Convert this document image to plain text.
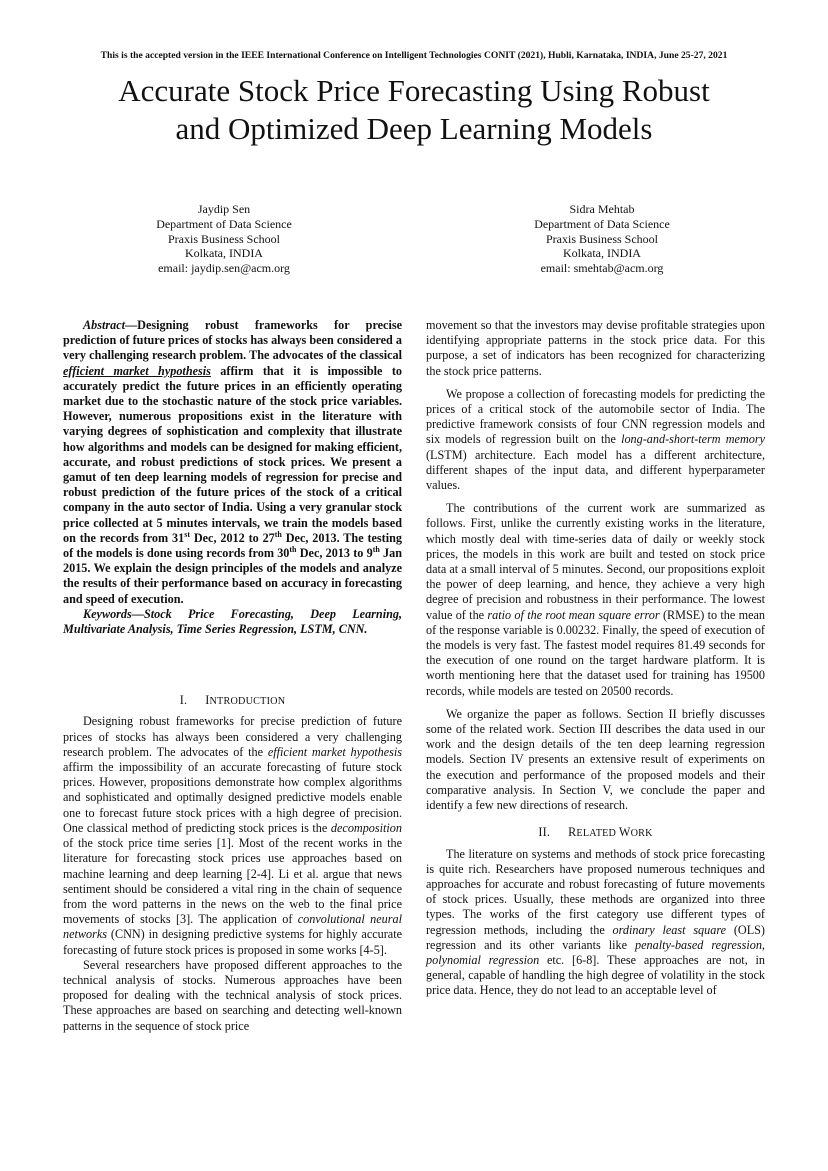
This is the accepted version in the IEEE International Conference on Intelligent Technologies CONIT (2021), Hubli, Karnataka, INDIA, June 25-27, 2021
Accurate Stock Price Forecasting Using Robust
and Optimized Deep Learning Models
Jaydip Sen
Department of Data Science
Praxis Business School
Kolkata, INDIA
email: jaydip.sen@acm.org
Sidra Mehtab
Department of Data Science
Praxis Business School
Kolkata, INDIA
email: smehtab@acm.org

Abstract—Designing robust frameworks for precise prediction of future prices of stocks has always been considered a very challenging research problem. The advocates of the classical efficient market hypothesis affirm that it is impossible to accurately predict the future prices in an efficiently operating market due to the stochastic nature of the stock price variables. However, numerous propositions exist in the literature with varying degrees of sophistication and complexity that illustrate how algorithms and models can be designed for making efficient, accurate, and robust predictions of stock prices. We present a gamut of ten deep learning models of regression for precise and robust prediction of the future prices of the stock of a critical company in the auto sector of India. Using a very granular stock price collected at 5 minutes intervals, we train the models based on the records from 31st Dec, 2012 to 27th Dec, 2013. The testing of the models is done using records from 30th Dec, 2013 to 9th Jan 2015. We explain the design principles of the models and analyze the results of their performance based on accuracy in forecasting and speed of execution.

Keywords—Stock Price Forecasting, Deep Learning, Multivariate Analysis, Time Series Regression, LSTM, CNN.

I. INTRODUCTION

Designing robust frameworks for precise prediction of future prices of stocks has always been considered a very challenging research problem. The advocates of the efficient market hypothesis affirm the impossibility of an accurate forecasting of future stock prices. However, propositions demonstrate how complex algorithms and sophisticated and optimally designed predictive models enable one to forecast future stock prices with a high degree of precision. One classical method of predicting stock prices is the decomposition of the stock price time series [1]. Most of the recent works in the literature for forecasting stock prices use approaches based on machine learning and deep learning [2-4]. Li et al. argue that news sentiment should be considered a vital ring in the chain of sequence from the word patterns in the news on the web to the final price movements of stocks [3]. The application of convolutional neural networks (CNN) in designing predictive systems for highly accurate forecasting of future stock prices is proposed in some works [4-5].

Several researchers have proposed different approaches to the technical analysis of stocks. Numerous approaches have been proposed for dealing with the technical analysis of stock prices. These approaches are based on searching and detecting well-known patterns in the sequence of stock price

movement so that the investors may devise profitable strategies upon identifying appropriate patterns in the stock price data. For this purpose, a set of indicators has been recognized for characterizing the stock price patterns.

We propose a collection of forecasting models for predicting the prices of a critical stock of the automobile sector of India. The predictive framework consists of four CNN regression models and six models of regression built on the long-and-short-term memory (LSTM) architecture. Each model has a different architecture, different shapes of the input data, and different hyperparameter values.

The contributions of the current work are summarized as follows. First, unlike the currently existing works in the literature, which mostly deal with time-series data of daily or weekly stock prices, the models in this work are built and tested on stock price data at a small interval of 5 minutes. Second, our propositions exploit the power of deep learning, and hence, they achieve a very high degree of precision and robustness in their performance. The lowest value of the ratio of the root mean square error (RMSE) to the mean of the response variable is 0.00232. Finally, the speed of execution of the models is very fast. The fastest model requires 81.49 seconds for the execution of one round on the target hardware platform. It is worth mentioning here that the dataset used for training has 19500 records, while models are tested on 20500 records.

We organize the paper as follows. Section II briefly discusses some of the related work. Section III describes the data used in our work and the design details of the ten deep learning regression models. Section IV presents an extensive result of experiments on the execution and performance of the proposed models and their comparative analysis. In Section V, we conclude the paper and identify a few new directions of research.

II. RELATED WORK

The literature on systems and methods of stock price forecasting is quite rich. Researchers have proposed numerous techniques and approaches for accurate and robust forecasting of future movements of stock prices. Usually, these methods are organized into three types. The works of the first category use different types of regression methods, including the ordinary least square (OLS) regression and its other variants like penalty-based regression, polynomial regression etc. [6-8]. These approaches are not, in general, capable of handling the high degree of volatility in the stock price data. Hence, they do not lead to an acceptable level of
